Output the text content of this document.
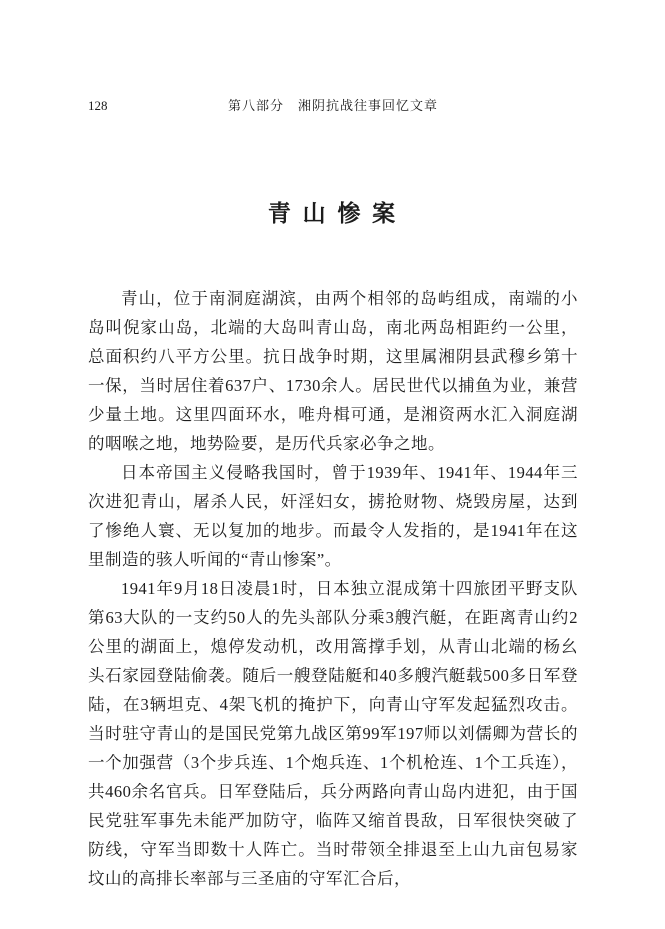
128	第八部分　湘阴抗战往事回忆文章
青 山 惨 案

青山，位于南洞庭湖滨，由两个相邻的岛屿组成，南端的小岛叫倪家山岛，北端的大岛叫青山岛，南北两岛相距约一公里，总面积约八平方公里。抗日战争时期，这里属湘阴县武穆乡第十一保，当时居住着637户、1730余人。居民世代以捕鱼为业，兼营少量土地。这里四面环水，唯舟楫可通，是湘资两水汇入洞庭湖的咽喉之地，地势险要，是历代兵家必争之地。

日本帝国主义侵略我国时，曾于1939年、1941年、1944年三次进犯青山，屠杀人民，奸淫妇女，掳抢财物、烧毁房屋，达到了惨绝人寰、无以复加的地步。而最令人发指的，是1941年在这里制造的骇人听闻的“青山惨案”。

1941年9月18日凌晨1时，日本独立混成第十四旅团平野支队第63大队的一支约50人的先头部队分乘3艘汽艇，在距离青山约2公里的湖面上，熄停发动机，改用篙撑手划，从青山北端的杨幺头石家园登陆偷袭。随后一艘登陆艇和40多艘汽艇载500多日军登陆，在3辆坦克、4架飞机的掩护下，向青山守军发起猛烈攻击。当时驻守青山的是国民党第九战区第99军197师以刘儒卿为营长的一个加强营（3个步兵连、1个炮兵连、1个机枪连、1个工兵连），共460余名官兵。日军登陆后，兵分两路向青山岛内进犯，由于国民党驻军事先未能严加防守，临阵又缩首畏敌，日军很快突破了防线，守军当即数十人阵亡。当时带领全排退至上山九亩包易家坟山的高排长率部与三圣庙的守军汇合后，
